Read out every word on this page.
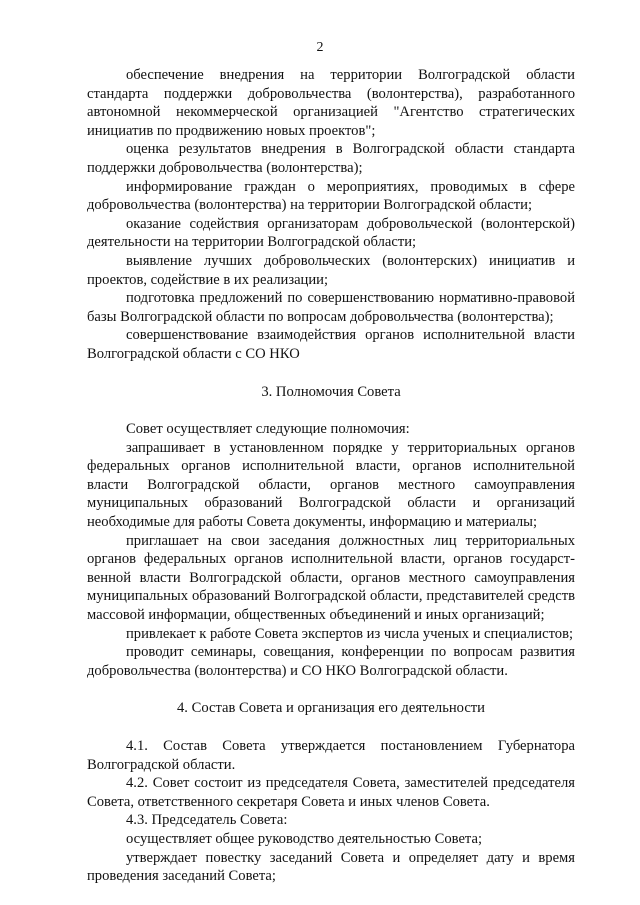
2

обеспечение внедрения на территории Волгоградской области стандарта поддержки добровольчества (волонтерства), разработанного автономной некоммерческой организацией "Агентство стратегических инициатив по продвижению новых проектов";

оценка результатов внедрения в Волгоградской области стандарта поддержки добровольчества (волонтерства);

информирование граждан о мероприятиях, проводимых в сфере добровольчества (волонтерства) на территории Волгоградской области;

оказание содействия организаторам добровольческой (волонтерской) деятельности на территории Волгоградской области;

выявление лучших добровольческих (волонтерских) инициатив и проектов, содействие в их реализации;

подготовка предложений по совершенствованию нормативно-правовой базы Волгоградской области по вопросам добровольчества (волонтерства);

совершенствование взаимодействия органов исполнительной власти Волгоградской области с СО НКО

3. Полномочия Совета

Совет осуществляет следующие полномочия:

запрашивает в установленном порядке у территориальных органов федеральных органов исполнительной власти, органов исполнительной власти Волгоградской области, органов местного самоуправления муниципальных образований Волгоградской области и организаций необходимые для работы Совета документы, информацию и материалы;

приглашает на свои заседания должностных лиц территориальных органов федеральных органов исполнительной власти, органов государст-венной власти Волгоградской области, органов местного самоуправления муниципальных образований Волгоградской области, представителей средств массовой информации, общественных объединений и иных организаций;

привлекает к работе Совета экспертов из числа ученых и специалистов;

проводит семинары, совещания, конференции по вопросам развития добровольчества (волонтерства) и СО НКО Волгоградской области.

4. Состав Совета и организация его деятельности

4.1. Состав Совета утверждается постановлением Губернатора Волгоградской области.

4.2. Совет состоит из председателя Совета, заместителей председателя Совета, ответственного секретаря Совета и иных членов Совета.

4.3. Председатель Совета:

осуществляет общее руководство деятельностью Совета;

утверждает повестку заседаний Совета и определяет дату и время проведения заседаний Совета;
